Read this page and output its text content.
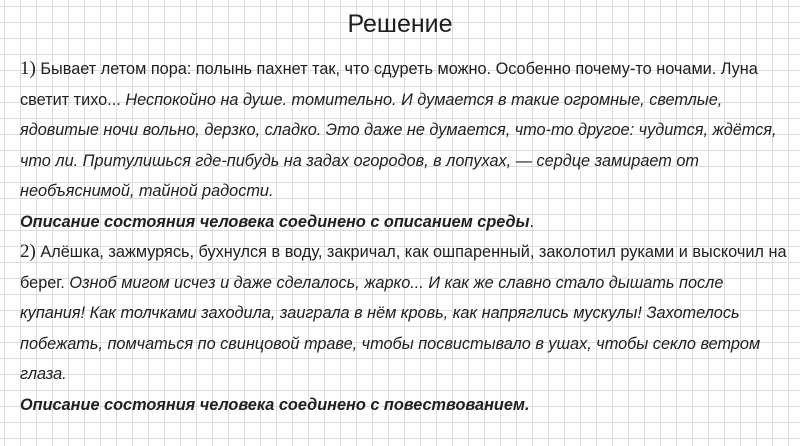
Решение

1) Бывает летом пора: полынь пахнет так, что сдуреть можно. Особенно почему-то ночами. Луна светит тихо... Неспокойно на душе. томительно. И думается в такие огромные, светлые, ядовитые ночи вольно, дерзко, сладко. Это даже не думается, что-то другое: чудится, ждётся, что ли. Притулишься где-пибудь на задах огородов, в лопухах, — сердце замирает от необъяснимой, тайной радости.

Описание состояния человека соединено с описанием среды.

2) Алёшка, зажмурясь, бухнулся в воду, закричал, как ошпаренный, заколотил руками и выскочил на берег. Озноб мигом исчез и даже сделалось, жарко... И как же славно стало дышать после купания! Как толчками заходила, заиграла в нём кровь, как напряглись мускулы! Захотелось побежать, помчаться по свинцовой траве, чтобы посвистывало в ушах, чтобы секло ветром глаза.

Описание состояния человека соединено с повествованием.
